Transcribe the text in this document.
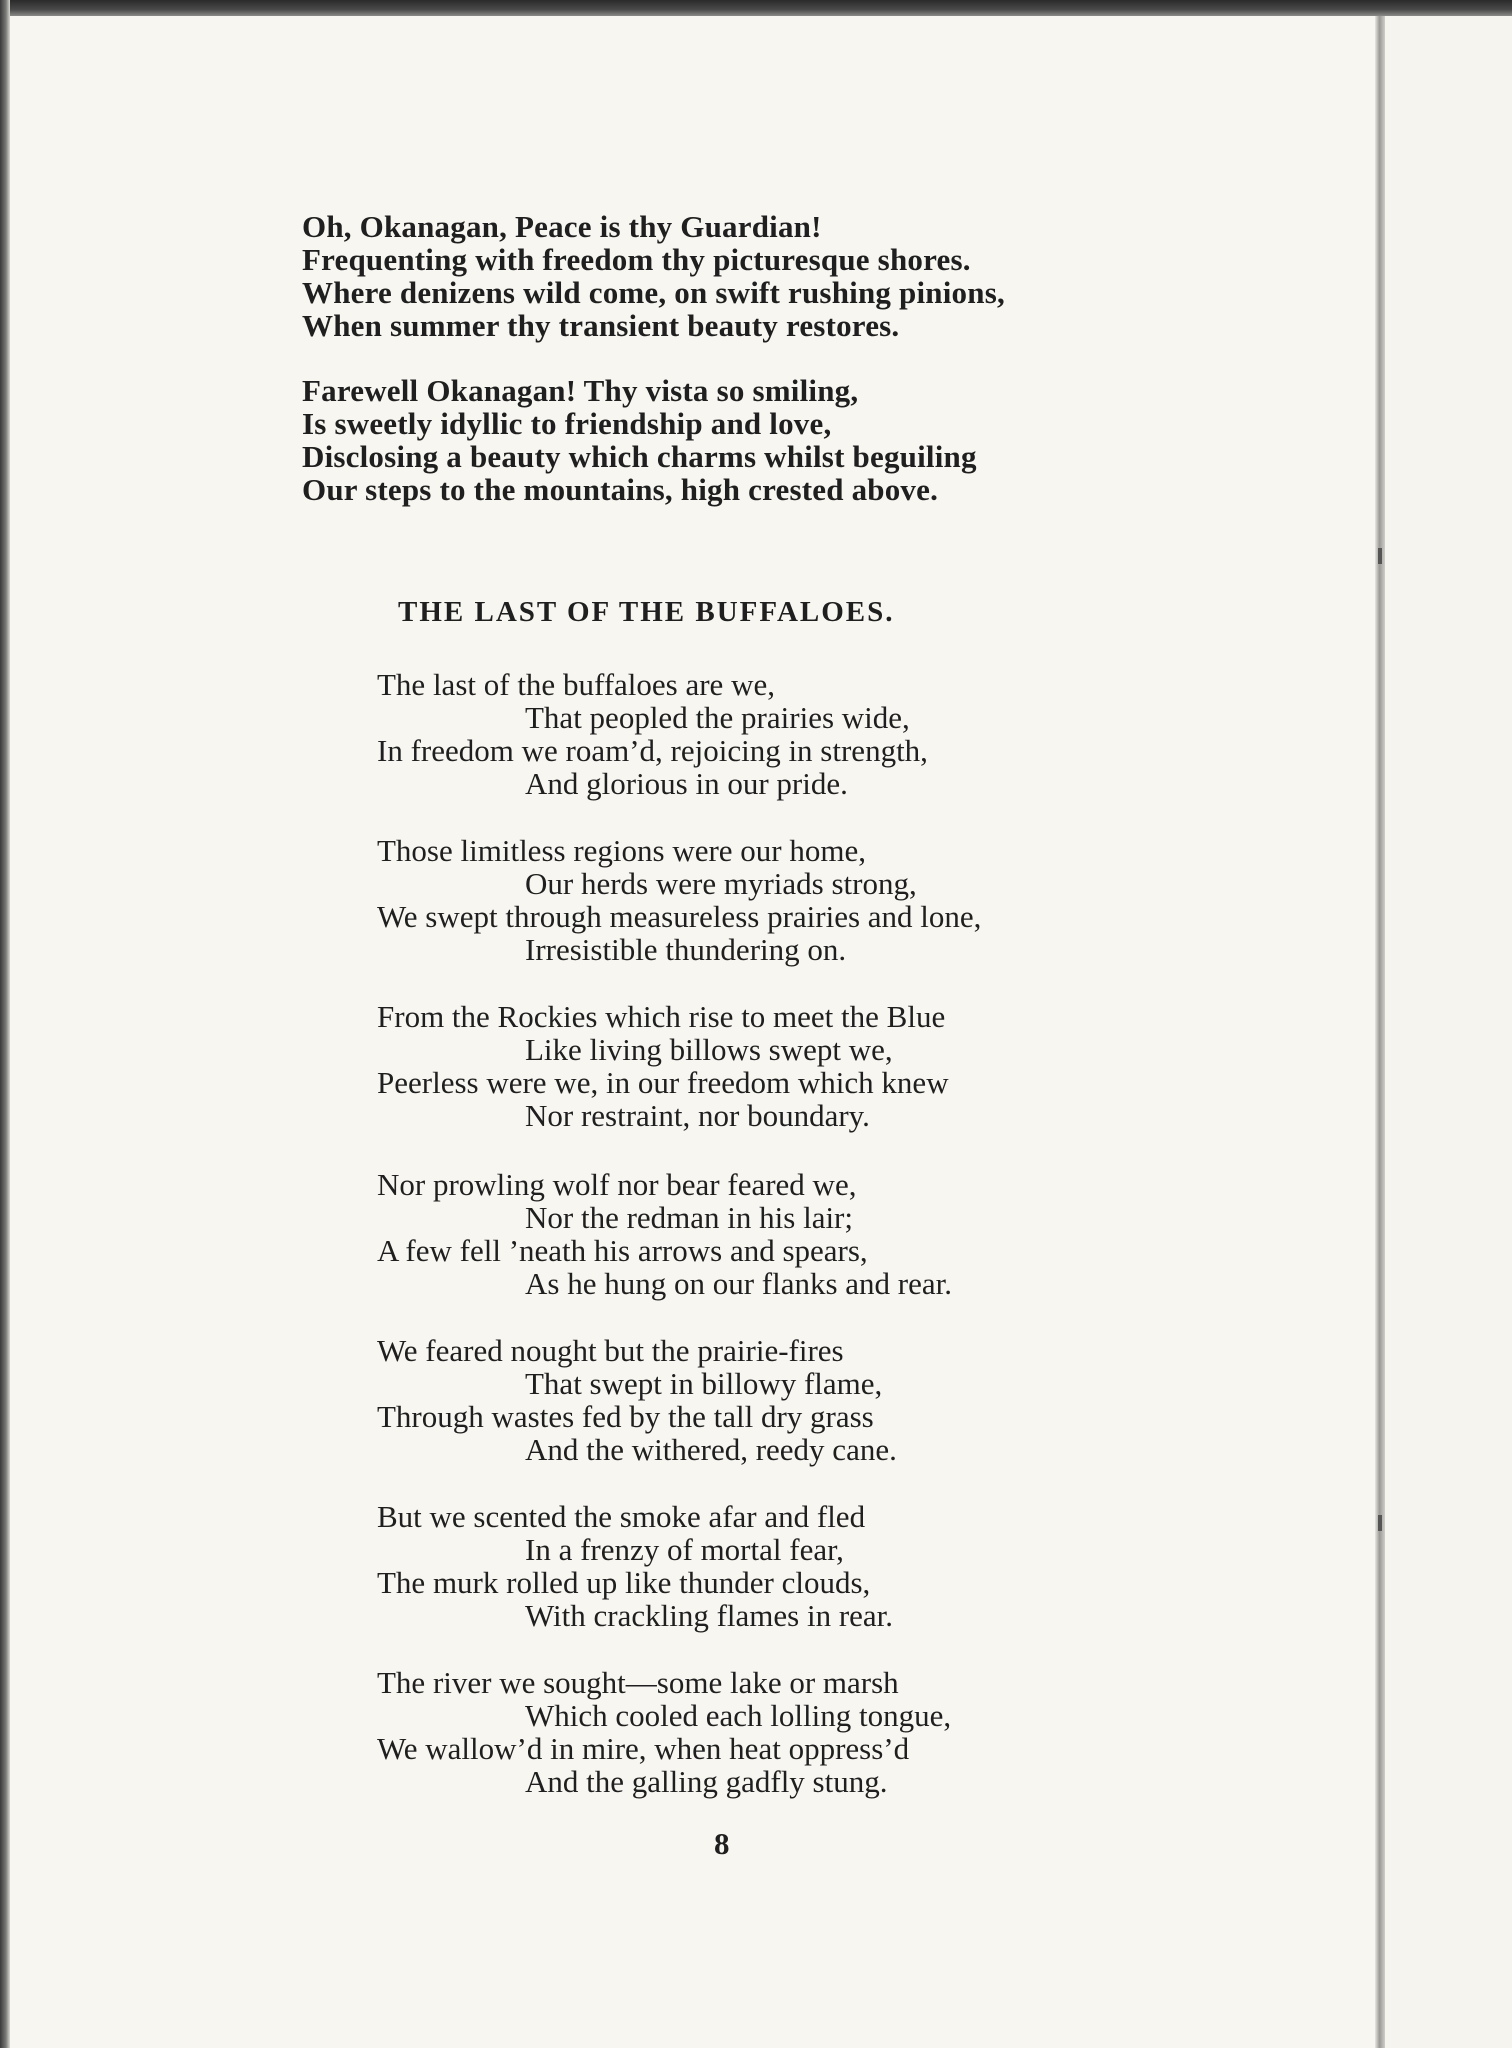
Oh, Okanagan, Peace is thy Guardian!
Frequenting with freedom thy picturesque shores.
Where denizens wild come, on swift rushing pinions,
When summer thy transient beauty restores.
Farewell Okanagan! Thy vista so smiling,
Is sweetly idyllic to friendship and love,
Disclosing a beauty which charms whilst beguiling
Our steps to the mountains, high crested above.
THE LAST OF THE BUFFALOES.
The last of the buffaloes are we,
That peopled the prairies wide,
In freedom we roam’d, rejoicing in strength,
And glorious in our pride.
Those limitless regions were our home,
Our herds were myriads strong,
We swept through measureless prairies and lone,
Irresistible thundering on.
From the Rockies which rise to meet the Blue
Like living billows swept we,
Peerless were we, in our freedom which knew
Nor restraint, nor boundary.
Nor prowling wolf nor bear feared we,
Nor the redman in his lair;
A few fell ’neath his arrows and spears,
As he hung on our flanks and rear.
We feared nought but the prairie-fires
That swept in billowy flame,
Through wastes fed by the tall dry grass
And the withered, reedy cane.
But we scented the smoke afar and fled
In a frenzy of mortal fear,
The murk rolled up like thunder clouds,
With crackling flames in rear.
The river we sought—some lake or marsh
Which cooled each lolling tongue,
We wallow’d in mire, when heat oppress’d
And the galling gadfly stung.
8
